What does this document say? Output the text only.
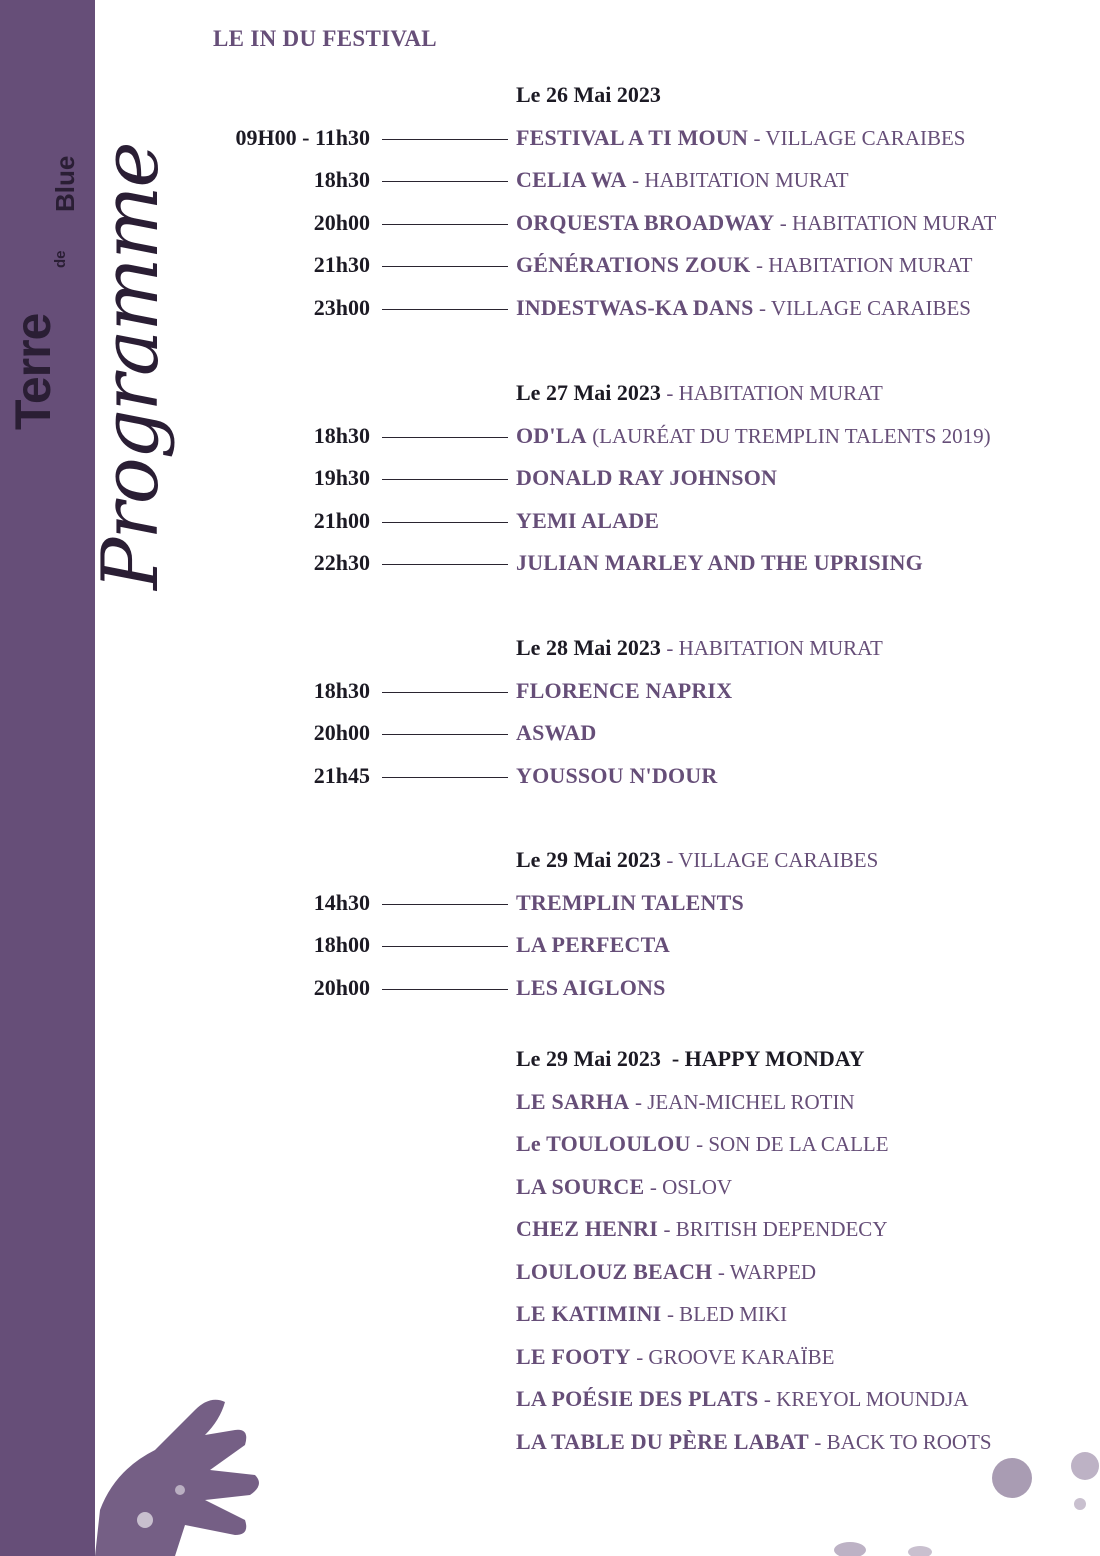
Terre
de
Blue Programme
LE IN DU FESTIVAL
Le 26 Mai 2023
09H00 - 11h30	FESTIVAL A TI MOUN - VILLAGE CARAIBES
18h30	CELIA WA - HABITATION MURAT
20h00	ORQUESTA BROADWAY - HABITATION MURAT
21h30	GÉNÉRATIONS ZOUK - HABITATION MURAT
23h00	INDESTWAS-KA DANS - VILLAGE CARAIBES
Le 27 Mai 2023 - HABITATION MURAT
18h30	OD'LA (LAURÉAT DU TREMPLIN TALENTS 2019)
19h30	DONALD RAY JOHNSON
21h00	YEMI ALADE
22h30	JULIAN MARLEY AND THE UPRISING
Le 28 Mai 2023 - HABITATION MURAT
18h30	FLORENCE NAPRIX
20h00	ASWAD
21h45	YOUSSOU N'DOUR
Le 29 Mai 2023 - VILLAGE CARAIBES
14h30	TREMPLIN TALENTS
18h00	LA PERFECTA
20h00	LES AIGLONS
Le 29 Mai 2023 - HAPPY MONDAY
LE SARHA - JEAN-MICHEL ROTIN
Le TOULOULOU - SON DE LA CALLE
LA SOURCE - OSLOV
CHEZ HENRI - BRITISH DEPENDECY
LOULOUZ BEACH - WARPED
LE KATIMINI - BLED MIKI
LE FOOTY - GROOVE KARAÏBE
LA POÉSIE DES PLATS - KREYOL MOUNDJA
LA TABLE DU PÈRE LABAT - BACK TO ROOTS
